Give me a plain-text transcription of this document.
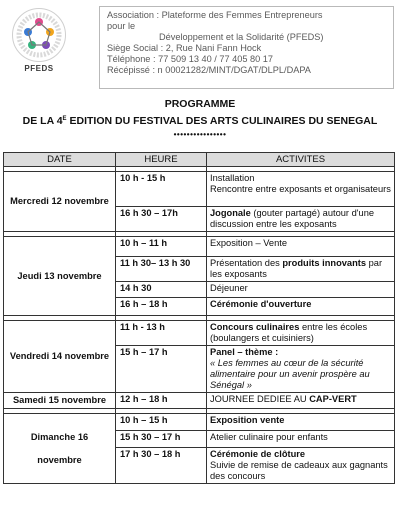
PFEDS
Association : Plateforme des Femmes Entrepreneurs
pour le
Développement et la Solidarité (PFEDS)
Siège Social : 2, Rue Nani Fann Hock
Téléphone : 77 509 13 40 / 77 405 80 17
Récépissé : n 00021282/MINT/DGAT/DLPL/DAPA
PROGRAMME
DE LA $4^E$ EDITION DU FESTIVAL DES ARTS CULINAIRES DU SENEGAL
••••••••••••••••
DATE	HEURE	ACTIVITES

Mercredi 12 novembre	10 h - 15 h	Installation
Rencontre entre exposants et organisateurs

	16 h 30 – 17h	Jogonale (gouter partagé) autour d'une discussion entre les exposants

Jeudi 13 novembre	10 h – 11 h	Exposition – Vente
	11 h 30– 13 h 30	Présentation des produits innovants par les exposants
	14 h 30	Déjeuner
	16 h – 18 h	Cérémonie d'ouverture

Vendredi 14 novembre	11 h - 13 h	Concours culinaires entre les écoles (boulangers et cuisiniers)
	15 h – 17 h	Panel – thème :
« Les femmes au cœur de la sécurité alimentaire pour un avenir prospère au Sénégal »

Samedi 15 novembre	12 h – 18 h	JOURNEE DEDIEE AU CAP-VERT

Dimanche 16
novembre	10 h – 15 h	Exposition vente
	15 h 30 – 17 h	Atelier culinaire pour enfants
	17 h 30 – 18 h	Cérémonie de clôture
Suivie de remise de cadeaux aux gagnants des concours
